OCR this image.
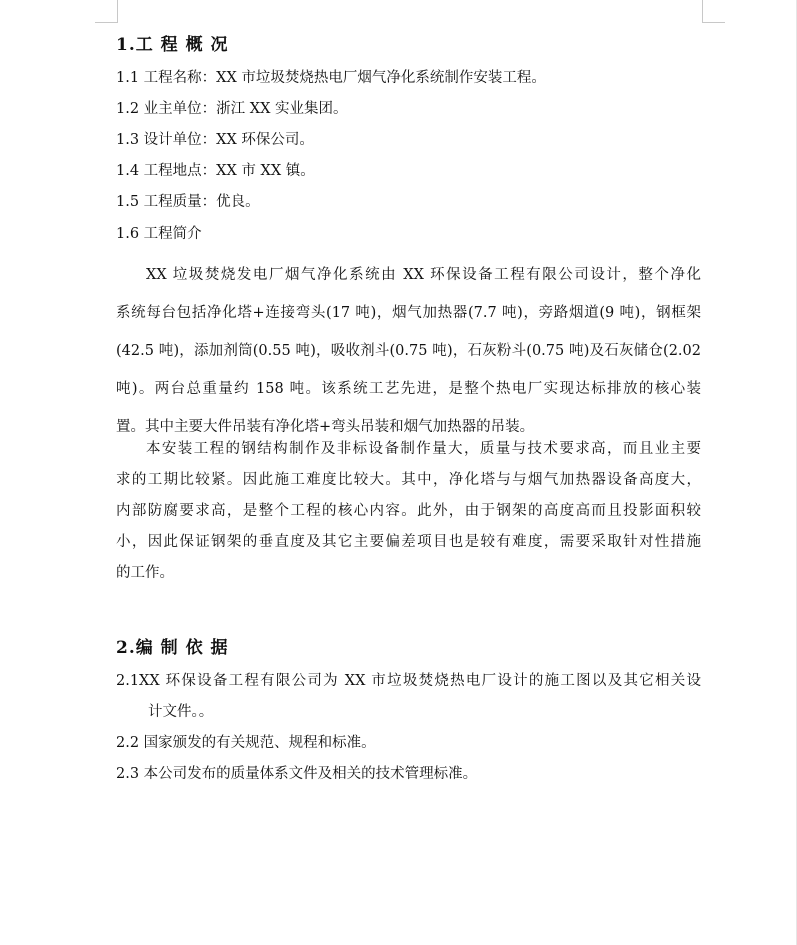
1.工 程 概 况
1.1 工程名称：XX 市垃圾焚烧热电厂烟气净化系统制作安装工程。
1.2 业主单位：浙江 XX 实业集团。
1.3 设计单位：XX 环保公司。
1.4 工程地点：XX 市 XX 镇。
1.5 工程质量：优良。
1.6 工程简介
XX 垃圾焚烧发电厂烟气净化系统由 XX 环保设备工程有限公司设计，整个净化
系统每台包括净化塔+连接弯头(17 吨)，烟气加热器(7.7 吨)，旁路烟道(9 吨)，钢框架
(42.5 吨)，添加剂筒(0.55 吨)，吸收剂斗(0.75 吨)，石灰粉斗(0.75 吨)及石灰储仓(2.02
吨)。两台总重量约 158 吨。该系统工艺先进，是整个热电厂实现达标排放的核心装
置。其中主要大件吊装有净化塔+弯头吊装和烟气加热器的吊装。
本安装工程的钢结构制作及非标设备制作量大，质量与技术要求高，而且业主要
求的工期比较紧。因此施工难度比较大。其中，净化塔与与烟气加热器设备高度大，
内部防腐要求高，是整个工程的核心内容。此外，由于钢架的高度高而且投影面积较
小，因此保证钢架的垂直度及其它主要偏差项目也是较有难度，需要采取针对性措施
的工作。
2.编 制 依 据
2.1XX 环保设备工程有限公司为 XX 市垃圾焚烧热电厂设计的施工图以及其它相关设
计文件。。
2.2 国家颁发的有关规范、规程和标准。
2.3 本公司发布的质量体系文件及相关的技术管理标准。
